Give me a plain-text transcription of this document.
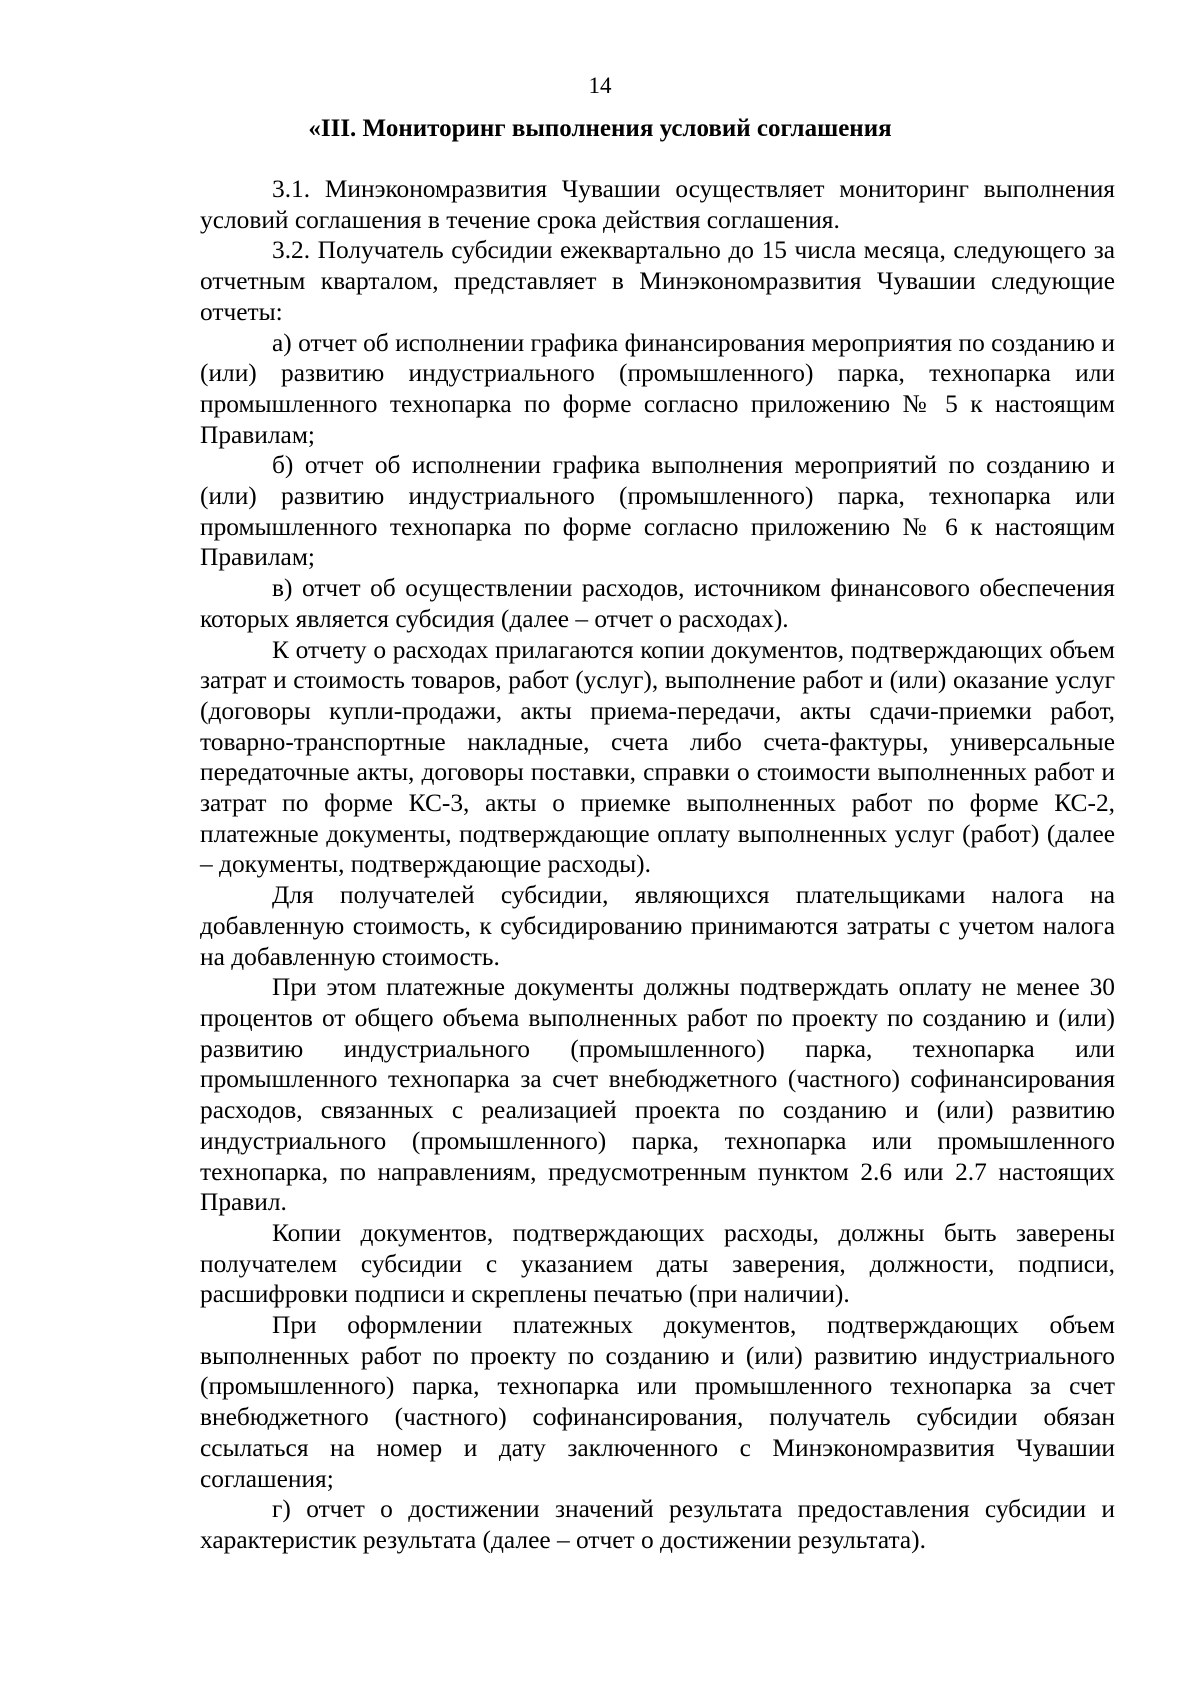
14
«III. Мониторинг выполнения условий соглашения

3.1. Минэкономразвития Чувашии осуществляет мониторинг выполнения условий соглашения в течение срока действия соглашения.

3.2. Получатель субсидии ежеквартально до 15 числа месяца, следующего за отчетным кварталом, представляет в Минэкономразвития Чувашии следующие отчеты:

а) отчет об исполнении графика финансирования мероприятия по созданию и (или) развитию индустриального (промышленного) парка, технопарка или промышленного технопарка по форме согласно приложению № 5 к настоящим Правилам;

б) отчет об исполнении графика выполнения мероприятий по созданию и (или) развитию индустриального (промышленного) парка, технопарка или промышленного технопарка по форме согласно приложению № 6 к настоящим Правилам;

в) отчет об осуществлении расходов, источником финансового обеспечения которых является субсидия (далее – отчет о расходах).

К отчету о расходах прилагаются копии документов, подтверждающих объем затрат и стоимость товаров, работ (услуг), выполнение работ и (или) оказание услуг (договоры купли-продажи, акты приема-передачи, акты сдачи-приемки работ, товарно-транспортные накладные, счета либо счета-фактуры, универсальные передаточные акты, договоры поставки, справки о стоимости выполненных работ и затрат по форме КС-3, акты о приемке выполненных работ по форме КС-2, платежные документы, подтверждающие оплату выполненных услуг (работ) (далее – документы, подтверждающие расходы).

Для получателей субсидии, являющихся плательщиками налога на добавленную стоимость, к субсидированию принимаются затраты с учетом налога на добавленную стоимость.

При этом платежные документы должны подтверждать оплату не менее 30 процентов от общего объема выполненных работ по проекту по созданию и (или) развитию индустриального (промышленного) парка, технопарка или промышленного технопарка за счет внебюджетного (частного) софинансирования расходов, связанных с реализацией проекта по созданию и (или) развитию индустриального (промышленного) парка, технопарка или промышленного технопарка, по направлениям, предусмотренным пунктом 2.6 или 2.7 настоящих Правил.

Копии документов, подтверждающих расходы, должны быть заверены получателем субсидии с указанием даты заверения, должности, подписи, расшифровки подписи и скреплены печатью (при наличии).

При оформлении платежных документов, подтверждающих объем выполненных работ по проекту по созданию и (или) развитию индустриального (промышленного) парка, технопарка или промышленного технопарка за счет внебюджетного (частного) софинансирования, получатель субсидии обязан ссылаться на номер и дату заключенного с Минэкономразвития Чувашии соглашения;

г) отчет о достижении значений результата предоставления субсидии и характеристик результата (далее – отчет о достижении результата).
